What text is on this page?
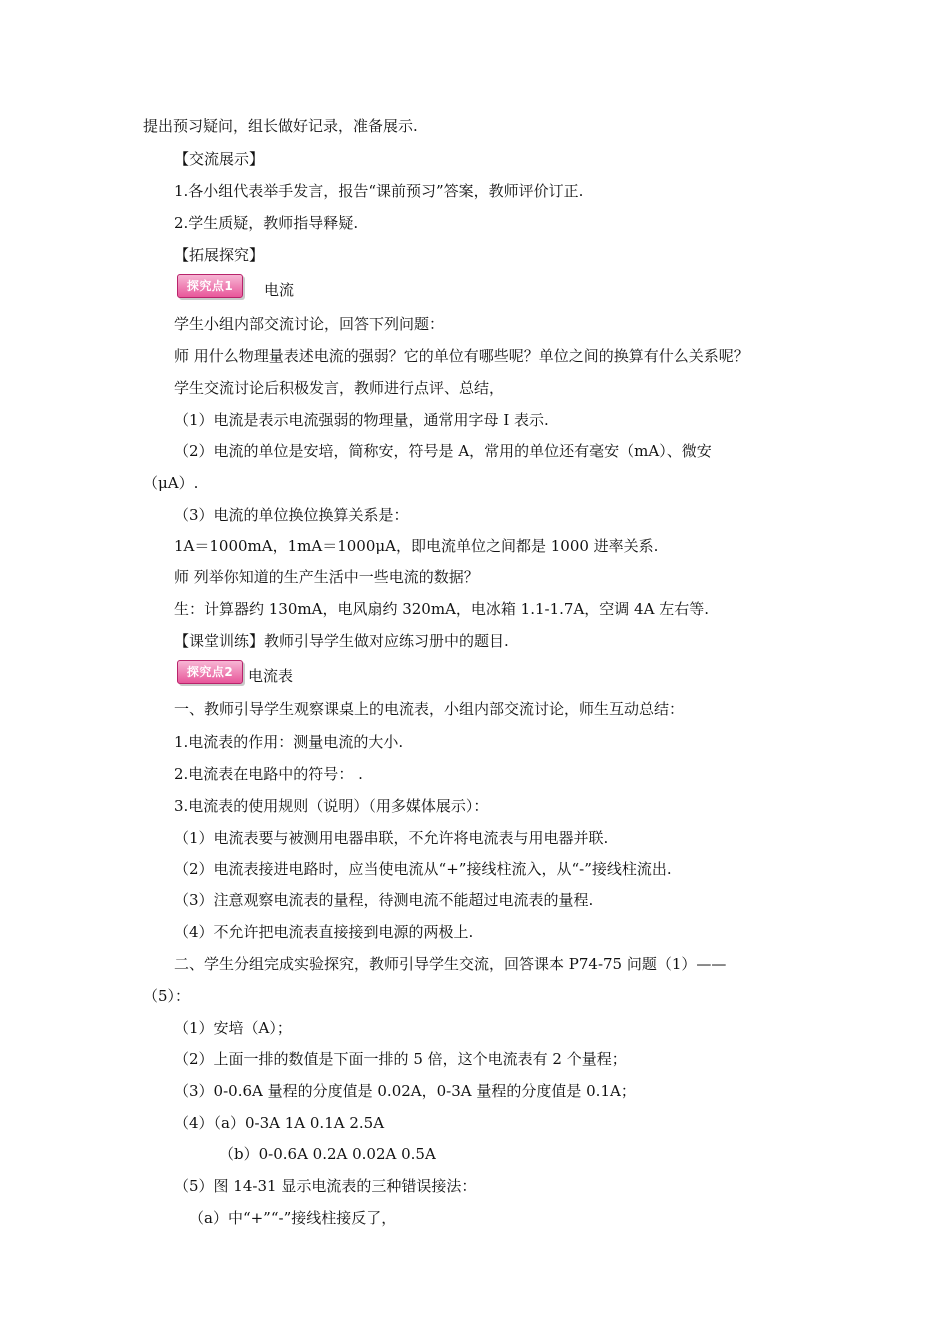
提出预习疑问，组长做好记录，准备展示.
【交流展示】
1.各小组代表举手发言，报告“课前预习”答案，教师评价订正.
2.学生质疑，教师指导释疑.
【拓展探究】
探究点1	电流
学生小组内部交流讨论，回答下列问题：
师 用什么物理量表述电流的强弱？它的单位有哪些呢？单位之间的换算有什么关系呢？
学生交流讨论后积极发言，教师进行点评、总结，
（1）电流是表示电流强弱的物理量，通常用字母 I 表示.
（2）电流的单位是安培，简称安，符号是 A，常用的单位还有毫安（mA）、微安
（μA）.
（3）电流的单位换位换算关系是：
1A＝1000mA，1mA＝1000μA，即电流单位之间都是 1000 进率关系.
师 列举你知道的生产生活中一些电流的数据？
生：计算器约 130mA，电风扇约 320mA，电冰箱 1.1-1.7A，空调 4A 左右等.
【课堂训练】教师引导学生做对应练习册中的题目.
探究点2 电流表
一、教师引导学生观察课桌上的电流表，小组内部交流讨论，师生互动总结：
1.电流表的作用：测量电流的大小.
2.电流表在电路中的符号： .
3.电流表的使用规则（说明）（用多媒体展示）：
（1）电流表要与被测用电器串联，不允许将电流表与用电器并联.
（2）电流表接进电路时，应当使电流从“+”接线柱流入，从“-”接线柱流出.
（3）注意观察电流表的量程，待测电流不能超过电流表的量程.
（4）不允许把电流表直接接到电源的两极上.
二、学生分组完成实验探究，教师引导学生交流，回答课本 P74-75 问题（1）——
（5）：
（1）安培（A）；
（2）上面一排的数值是下面一排的 5 倍，这个电流表有 2 个量程；
（3）0-0.6A 量程的分度值是 0.02A，0-3A 量程的分度值是 0.1A；
（4）（a）0-3A 1A 0.1A 2.5A
（b）0-0.6A 0.2A 0.02A 0.5A
（5）图 14-31 显示电流表的三种错误接法：
（a）中“+”“-”接线柱接反了，
